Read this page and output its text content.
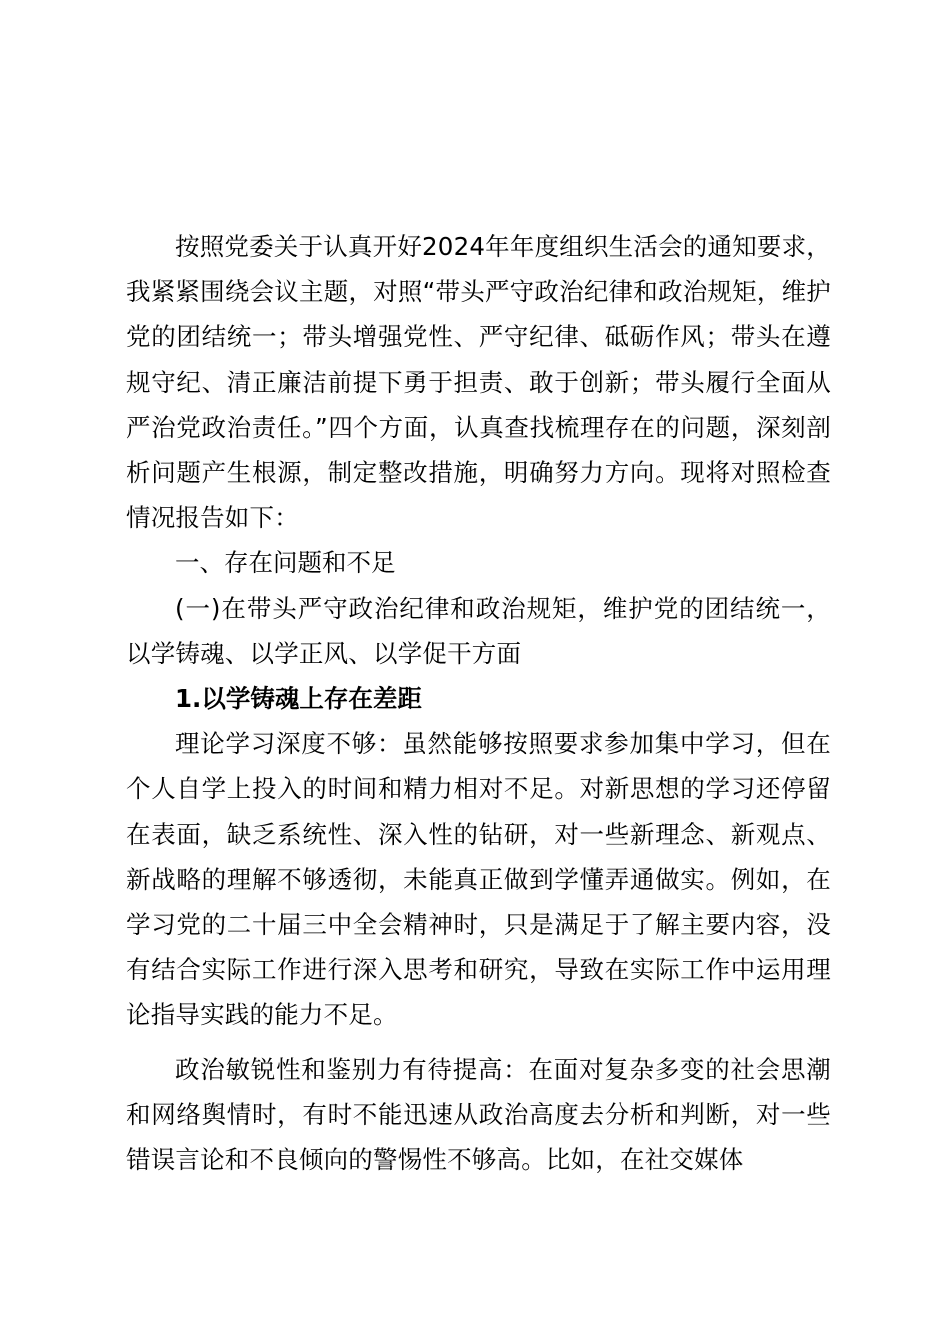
按照党委关于认真开好2024年年度组织生活会的通知要求，我紧紧围绕会议主题，对照“带头严守政治纪律和政治规矩，维护党的团结统一；带头增强党性、严守纪律、砥砺作风；带头在遵规守纪、清正廉洁前提下勇于担责、敢于创新；带头履行全面从严治党政治责任。”四个方面，认真查找梳理存在的问题，深刻剖析问题产生根源，制定整改措施，明确努力方向。现将对照检查情况报告如下：

一、存在问题和不足

(一)在带头严守政治纪律和政治规矩，维护党的团结统一，以学铸魂、以学正风、以学促干方面

1.以学铸魂上存在差距

理论学习深度不够：虽然能够按照要求参加集中学习，但在个人自学上投入的时间和精力相对不足。对新思想的学习还停留在表面，缺乏系统性、深入性的钻研，对一些新理念、新观点、新战略的理解不够透彻，未能真正做到学懂弄通做实。例如，在学习党的二十届三中全会精神时，只是满足于了解主要内容，没有结合实际工作进行深入思考和研究，导致在实际工作中运用理论指导实践的能力不足。

政治敏锐性和鉴别力有待提高：在面对复杂多变的社会思潮和网络舆情时，有时不能迅速从政治高度去分析和判断，对一些错误言论和不良倾向的警惕性不够高。比如，在社交媒体
